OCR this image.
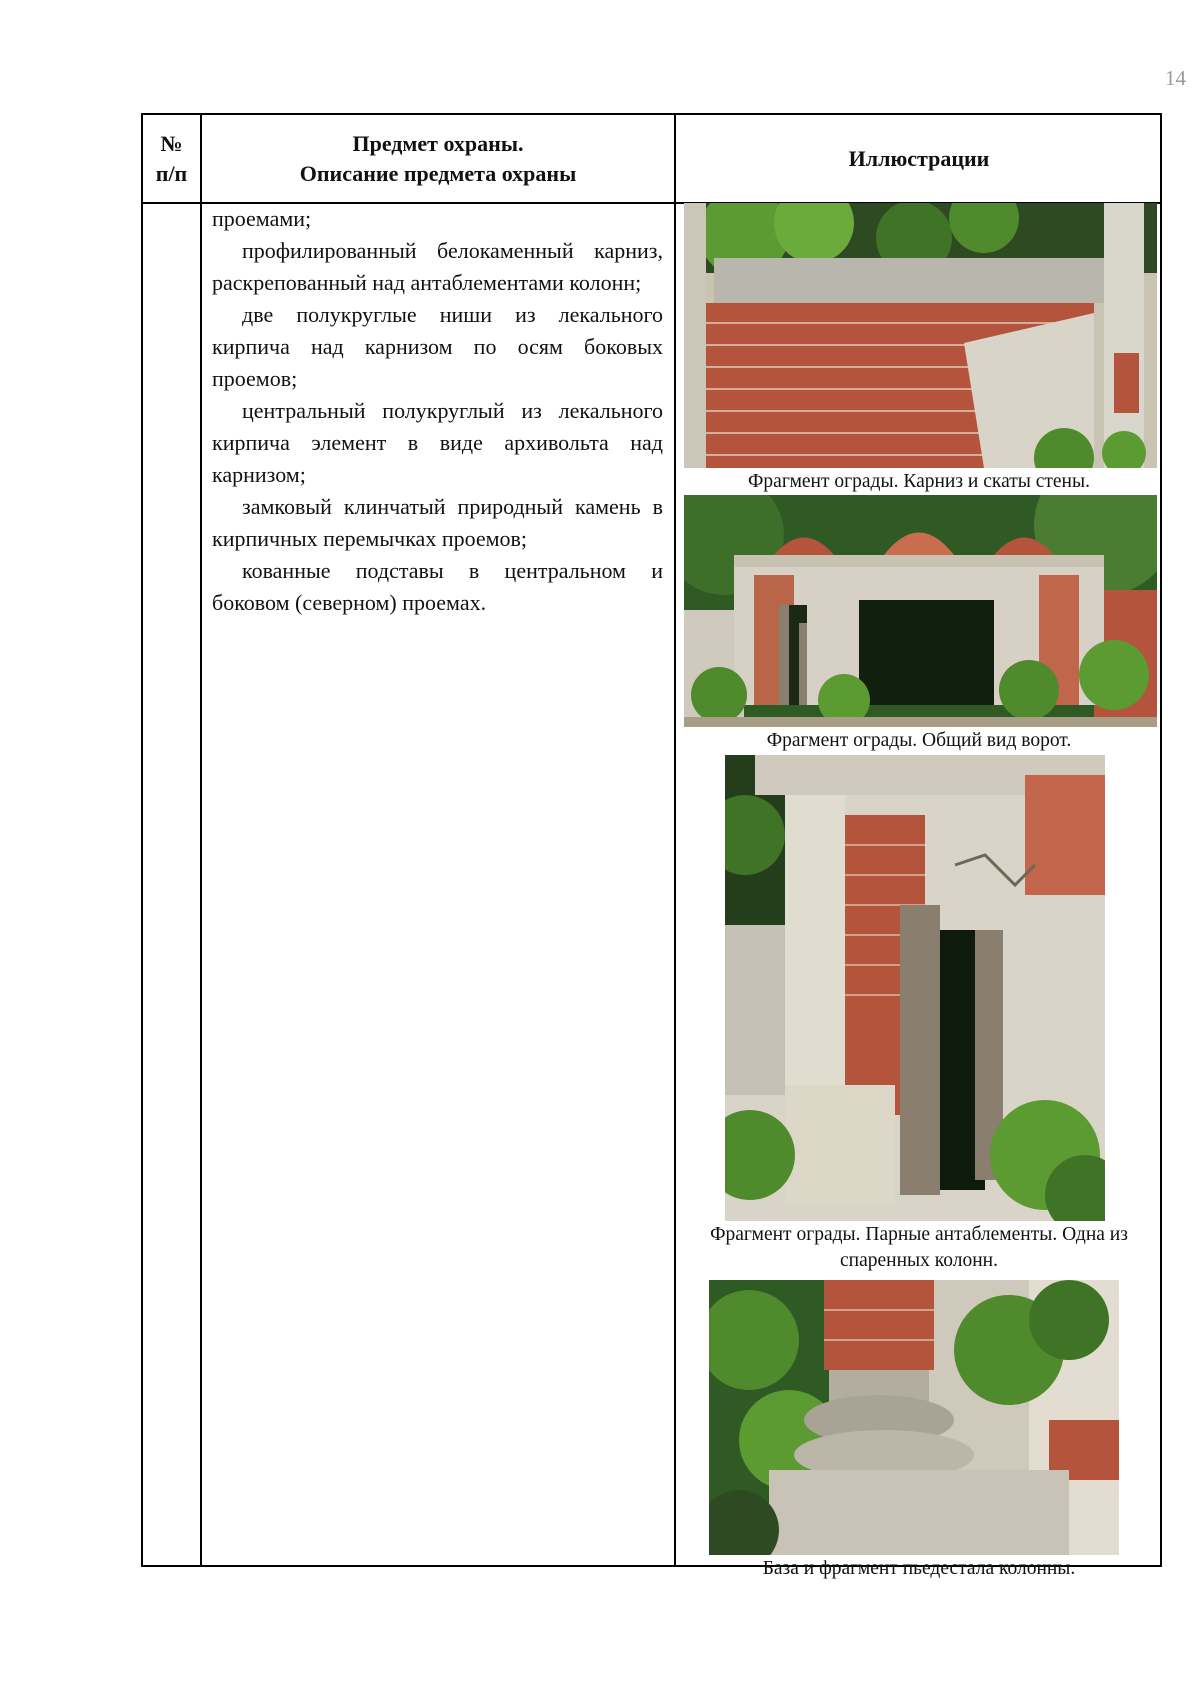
14
№
п/п
Предмет охраны.
Описание предмета охраны
Иллюстрации

проемами;

профилированный белокаменный карниз, раскрепованный над антаблементами колонн;

две полукруглые ниши из лекального кирпича над карнизом по осям боковых проемов;

центральный полукруглый из лекального кирпича элемент в виде архивольта над карнизом;

замковый клинчатый природный камень в кирпичных перемычках проемов;

кованные подставы в центральном и боковом (северном) проемах.

Фрагмент ограды. Карниз и скаты стены.
Фрагмент ограды. Общий вид ворот.
Фрагмент ограды. Парные антаблементы. Одна из спаренных колонн.
База и фрагмент пьедестала колонны.
